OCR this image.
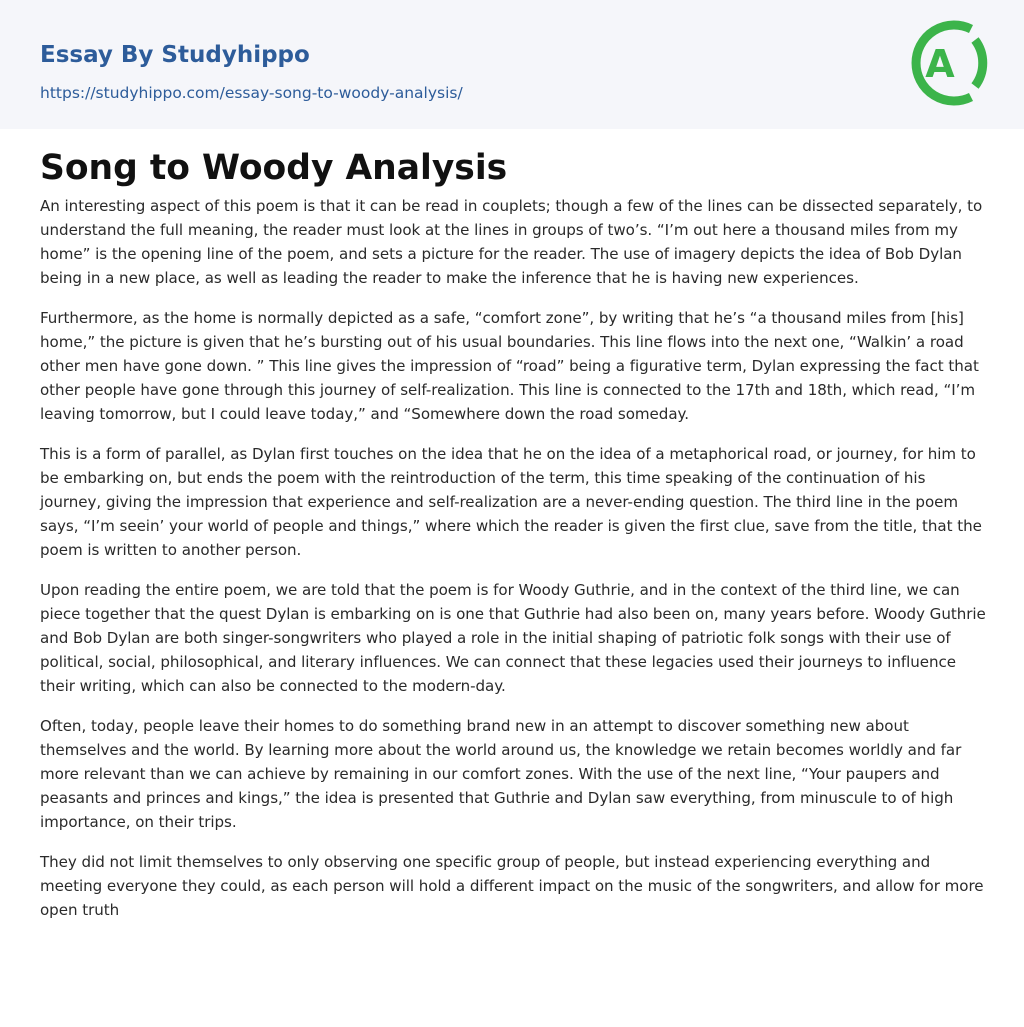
Essay By Studyhippo
https://studyhippo.com/essay-song-to-woody-analysis/
A
Song to Woody Analysis

An interesting aspect of this poem is that it can be read in couplets; though a few of the lines can be dissected separately, to understand the full meaning, the reader must look at the lines in groups of two’s. “I’m out here a thousand miles from my home” is the opening line of the poem, and sets a picture for the reader. The use of imagery depicts the idea of Bob Dylan being in a new place, as well as leading the reader to make the inference that he is having new experiences.

Furthermore, as the home is normally depicted as a safe, “comfort zone”, by writing that he’s “a thousand miles from [his] home,” the picture is given that he’s bursting out of his usual boundaries. This line flows into the next one, “Walkin’ a road other men have gone down. ” This line gives the impression of “road” being a figurative term, Dylan expressing the fact that other people have gone through this journey of self-realization. This line is connected to the 17th and 18th, which read, “I’m leaving tomorrow, but I could leave today,” and “Somewhere down the road someday.

This is a form of parallel, as Dylan first touches on the idea that he on the idea of a metaphorical road, or journey, for him to be embarking on, but ends the poem with the reintroduction of the term, this time speaking of the continuation of his journey, giving the impression that experience and self-realization are a never-ending question. The third line in the poem says, “I’m seein’ your world of people and things,” where which the reader is given the first clue, save from the title, that the poem is written to another person.

Upon reading the entire poem, we are told that the poem is for Woody Guthrie, and in the context of the third line, we can piece together that the quest Dylan is embarking on is one that Guthrie had also been on, many years before. Woody Guthrie and Bob Dylan are both singer-songwriters who played a role in the initial shaping of patriotic folk songs with their use of political, social, philosophical, and literary influences. We can connect that these legacies used their journeys to influence their writing, which can also be connected to the modern-day.

Often, today, people leave their homes to do something brand new in an attempt to discover something new about themselves and the world. By learning more about the world around us, the knowledge we retain becomes worldly and far more relevant than we can achieve by remaining in our comfort zones. With the use of the next line, “Your paupers and peasants and princes and kings,” the idea is presented that Guthrie and Dylan saw everything, from minuscule to of high importance, on their trips.

They did not limit themselves to only observing one specific group of people, but instead experiencing everything and meeting everyone they could, as each person will hold a different impact on the music of the songwriters, and allow for more open truth
